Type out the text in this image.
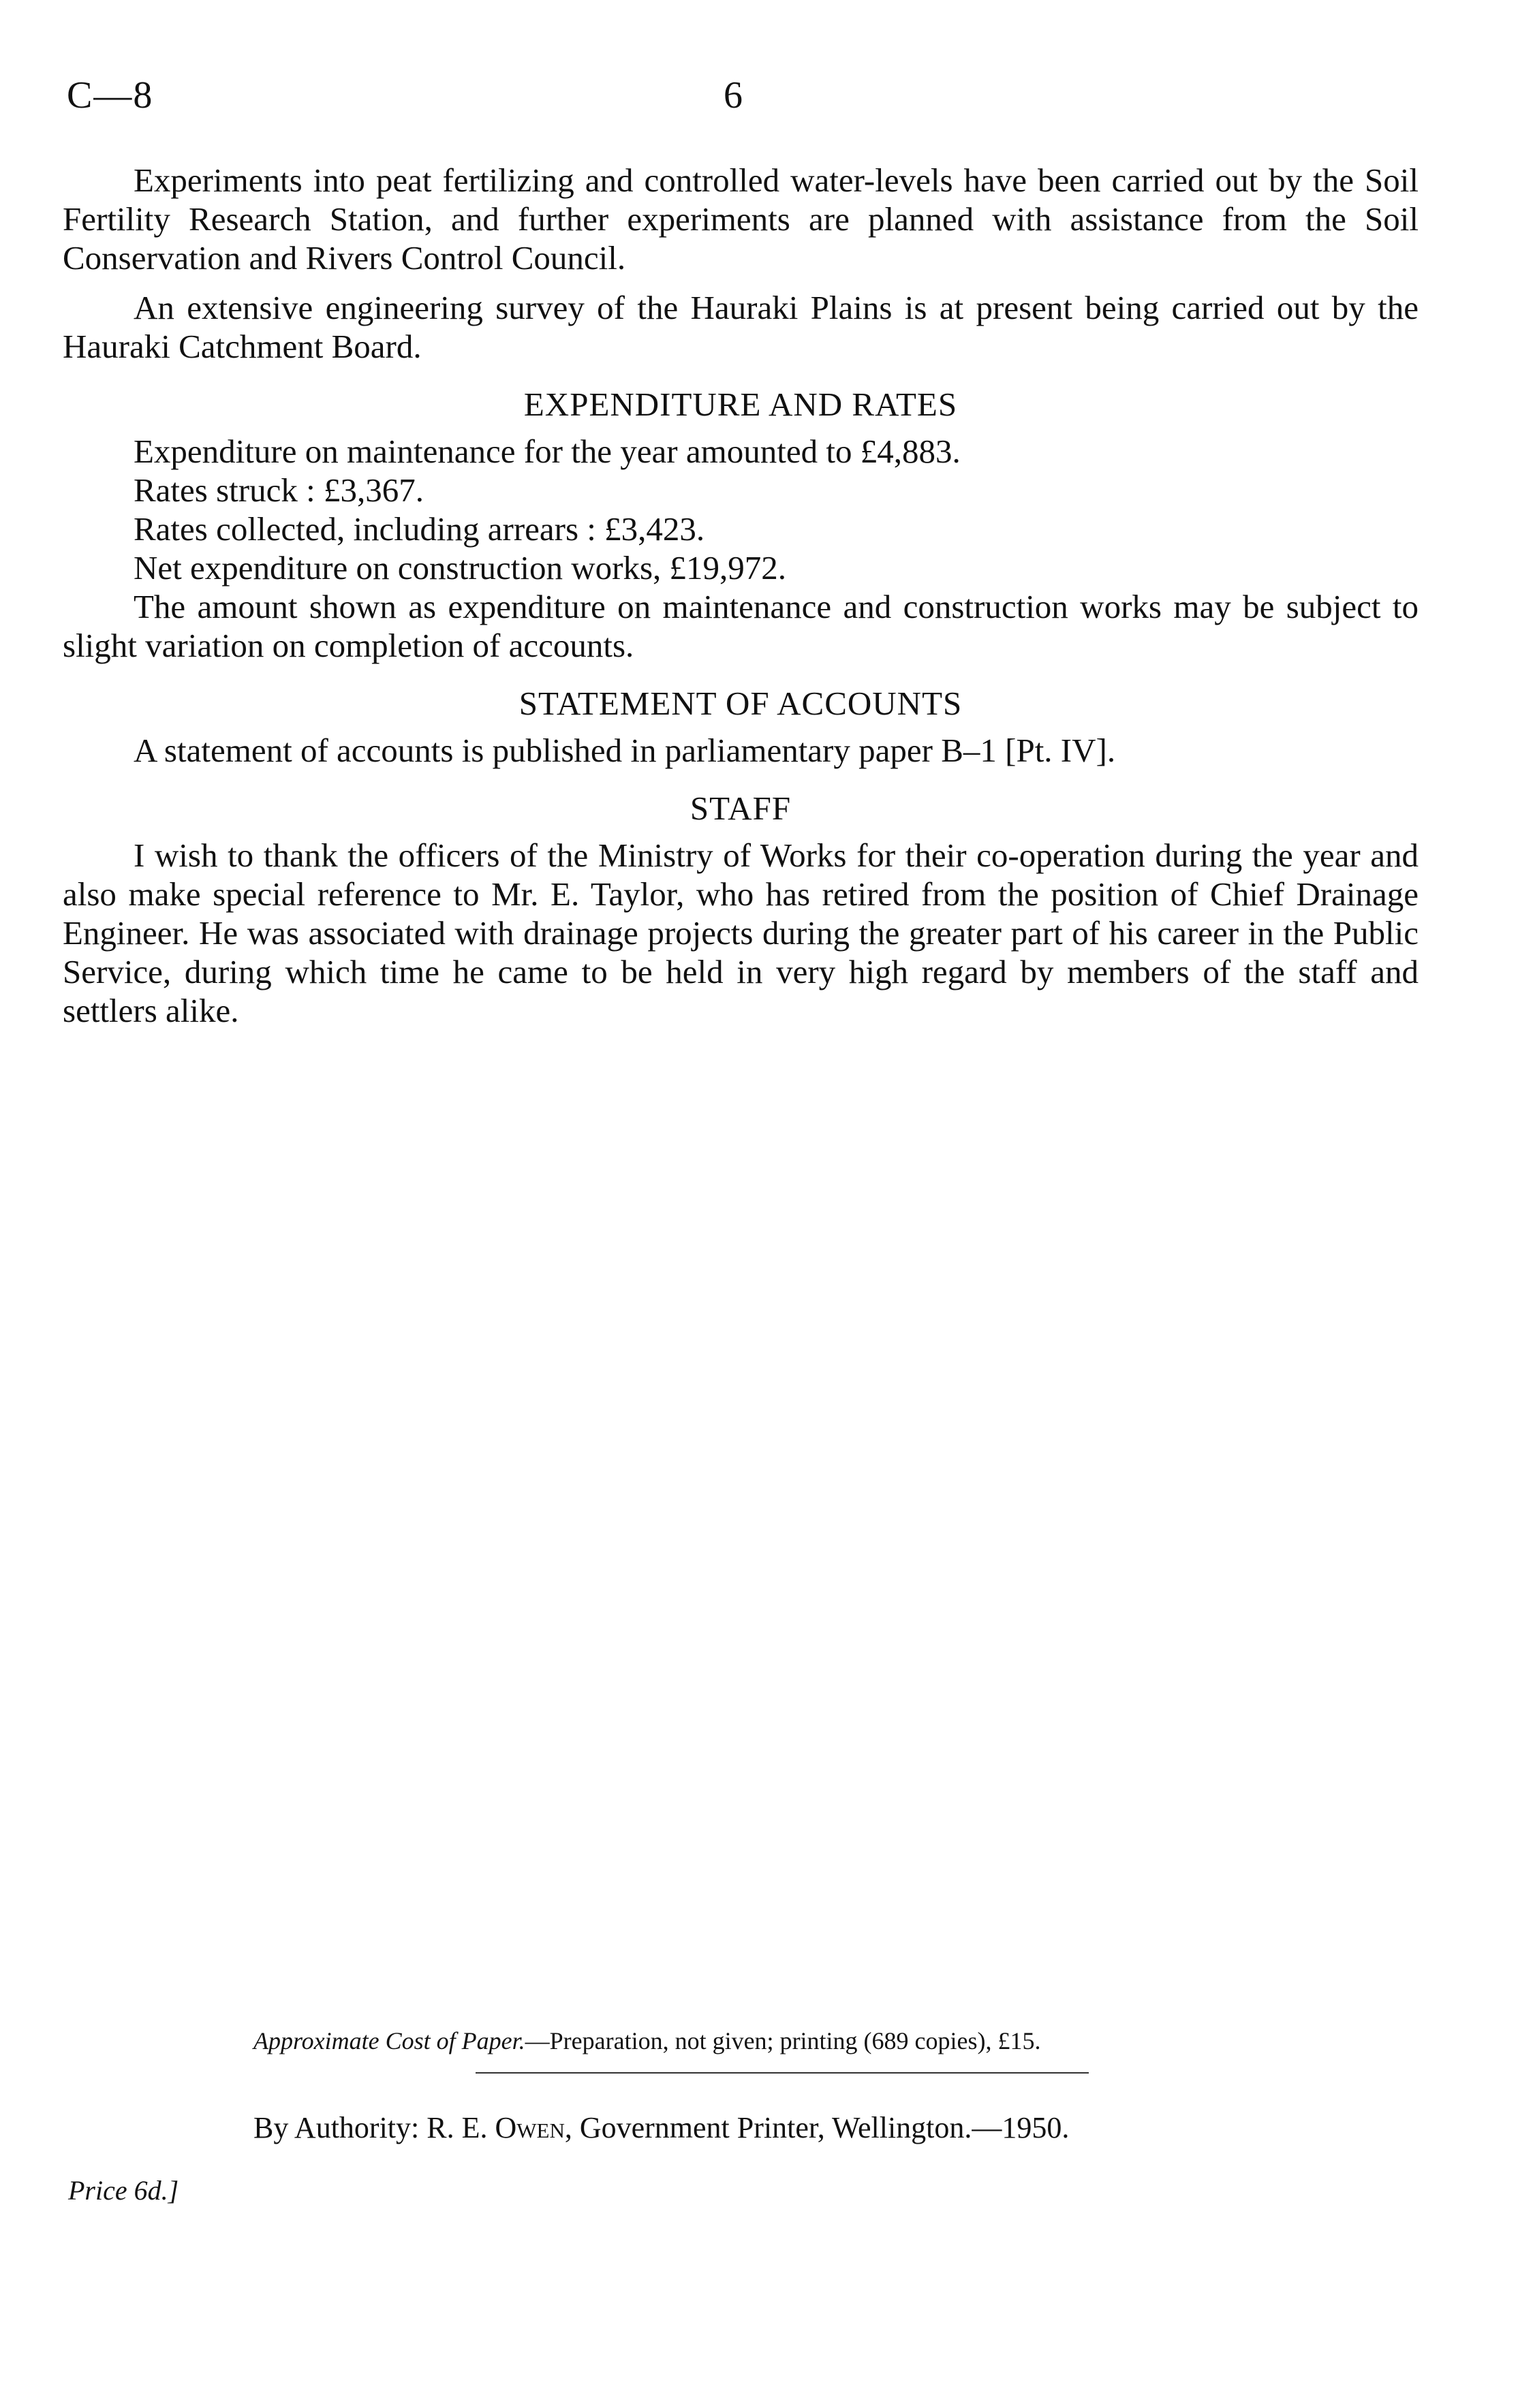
C—8	6

Experiments into peat fertilizing and controlled water-levels have been carried out by the Soil Fertility Research Station, and further experiments are planned with assistance from the Soil Conservation and Rivers Control Council.

An extensive engineering survey of the Hauraki Plains is at present being carried out by the Hauraki Catchment Board.

EXPENDITURE AND RATES

Expenditure on maintenance for the year amounted to £4,883.

Rates struck : £3,367.

Rates collected, including arrears : £3,423.

Net expenditure on construction works, £19,972.

The amount shown as expenditure on maintenance and construction works may be subject to slight variation on completion of accounts.

STATEMENT OF ACCOUNTS

A statement of accounts is published in parliamentary paper B–1 [Pt. IV].

STAFF

I wish to thank the officers of the Ministry of Works for their co-operation during the year and also make special reference to Mr. E. Taylor, who has retired from the position of Chief Drainage Engineer. He was associated with drainage projects during the greater part of his career in the Public Service, during which time he came to be held in very high regard by members of the staff and settlers alike.

Approximate Cost of Paper.—Preparation, not given; printing (689 copies), £15.
By Authority: R. E. Owen, Government Printer, Wellington.—1950.
Price 6d.]
